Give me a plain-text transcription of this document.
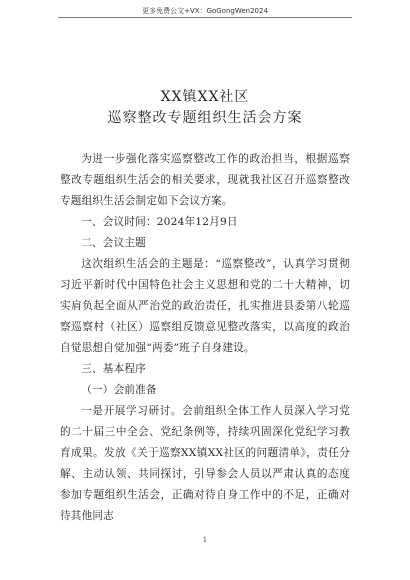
更多免费公文+VX：GoGongWen2024
XX镇XX社区
巡察整改专题组织生活会方案

为进一步强化落实巡察整改工作的政治担当，根据巡察整改专题组织生活会的相关要求，现就我社区召开巡察整改专题组织生活会制定如下会议方案。

一、会议时间：2024年12月9日

二、会议主题

这次组织生活会的主题是：“巡察整改”，认真学习贯彻习近平新时代中国特色社会主义思想和党的二十大精神，切实肩负起全面从严治党的政治责任，扎实推进县委第八轮巡察巡察村（社区）巡察组反馈意见整改落实，以高度的政治自觉思想自觉加强“两委”班子自身建设。

三、基本程序

（一）会前准备

一是开展学习研讨。会前组织全体工作人员深入学习党的二十届三中全会、党纪条例等，持续巩固深化党纪学习教育成果。发放《关于巡察XX镇XX社区的问题清单》，责任分解、主动认领、共同探讨，引导参会人员以严肃认真的态度参加专题组织生活会，正确对待自身工作中的不足，正确对待其他同志

1
